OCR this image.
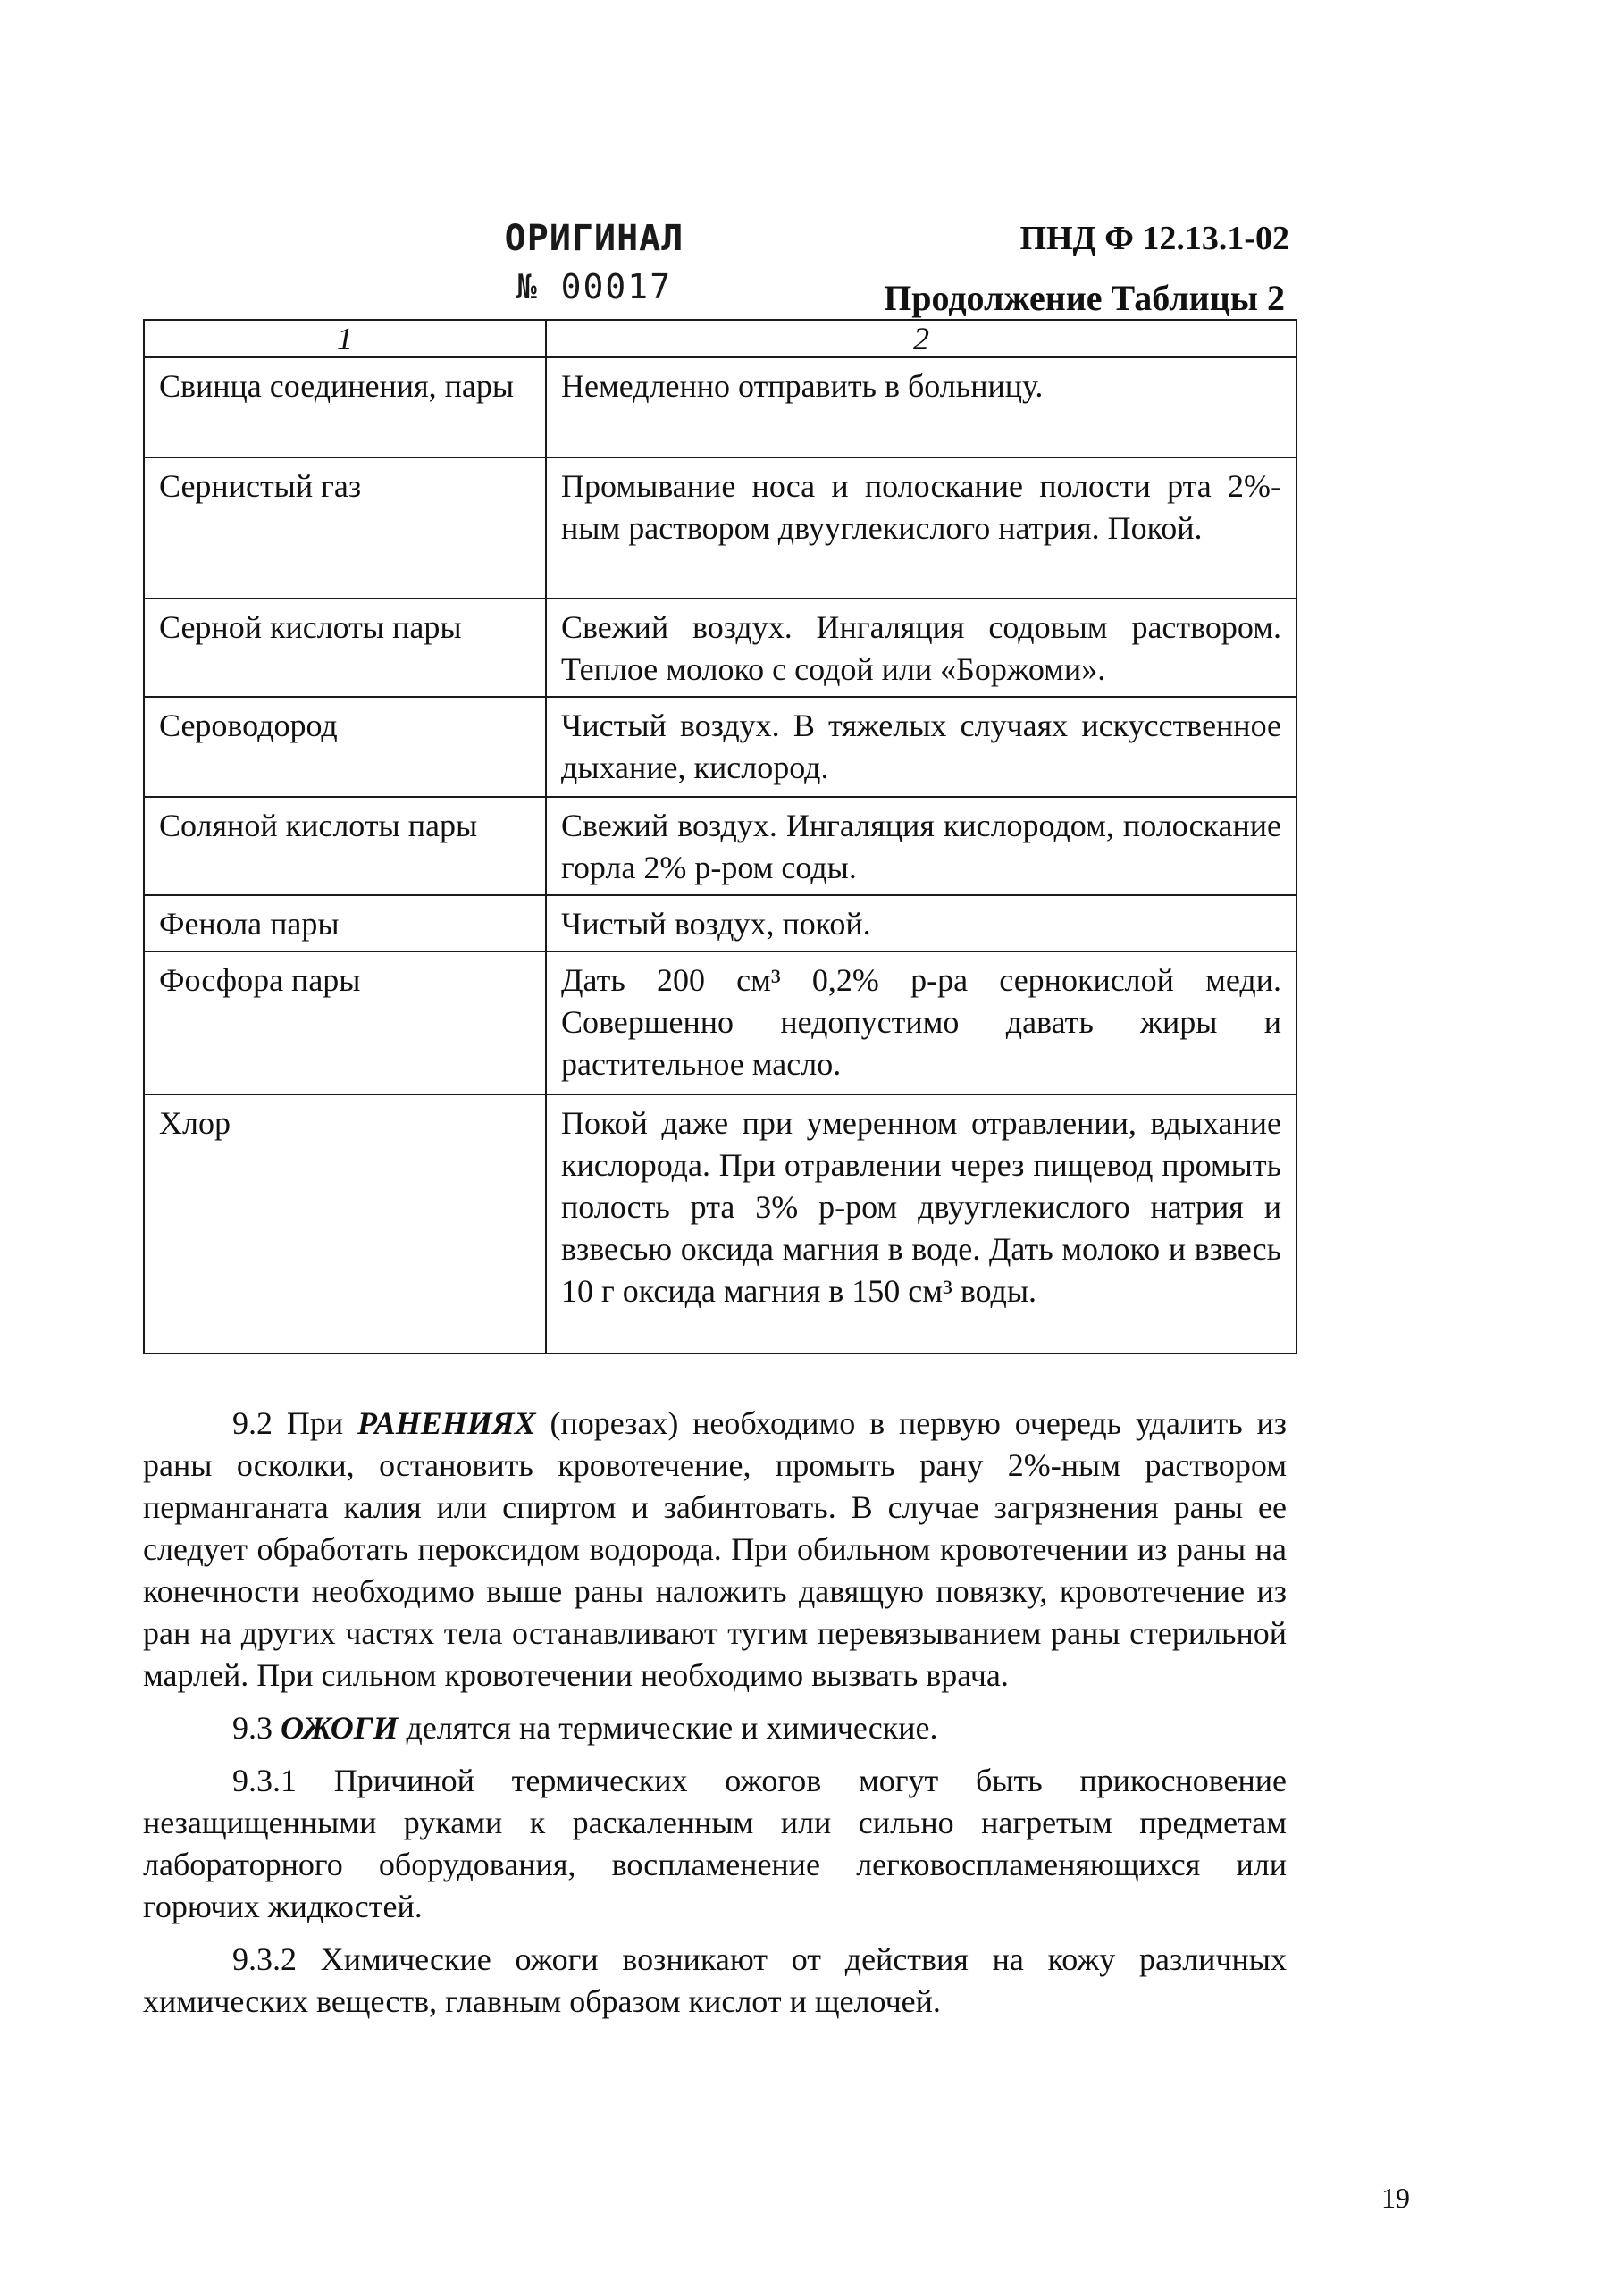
ОРИГИНАЛ
№ 00017
ПНД Ф 12.13.1-02
Продолжение Таблицы 2
1	2
Свинца соединения, пары	Немедленно отправить в больницу.
Сернистый газ	Промывание носа и полоскание полости рта 2%-ным раствором двууглекислого натрия. Покой.
Серной кислоты пары	Свежий воздух. Ингаляция содовым раствором. Теплое молоко с содой или «Боржоми».
Сероводород	Чистый воздух. В тяжелых случаях искусственное дыхание, кислород.
Соляной кислоты пары	Свежий воздух. Ингаляция кислородом, полоскание горла 2% р-ром соды.
Фенола пары	Чистый воздух, покой.
Фосфора пары	Дать 200 см³ 0,2% р-ра сернокислой меди. Совершенно недопустимо давать жиры и растительное масло.
Хлор	Покой даже при умеренном отравлении, вдыхание кислорода. При отравлении через пищевод промыть полость рта 3% р-ром двууглекислого натрия и взвесью оксида магния в воде. Дать молоко и взвесь 10 г оксида магния в 150 см³ воды.

9.2 При РАНЕНИЯХ (порезах) необходимо в первую очередь удалить из раны осколки, остановить кровотечение, промыть рану 2%-ным раствором перманганата калия или спиртом и забинтовать. В случае загрязнения раны ее следует обработать пероксидом водорода. При обильном кровотечении из раны на конечности необходимо выше раны наложить давящую повязку, кровотечение из ран на других частях тела останавливают тугим перевязыванием раны стерильной марлей. При сильном кровотечении необходимо вызвать врача.

9.3 ОЖОГИ делятся на термические и химические.

9.3.1 Причиной термических ожогов могут быть прикосновение незащищенными руками к раскаленным или сильно нагретым предметам лабораторного оборудования, воспламенение легковоспламеняющихся или горючих жидкостей.

9.3.2 Химические ожоги возникают от действия на кожу различных химических веществ, главным образом кислот и щелочей.

19
